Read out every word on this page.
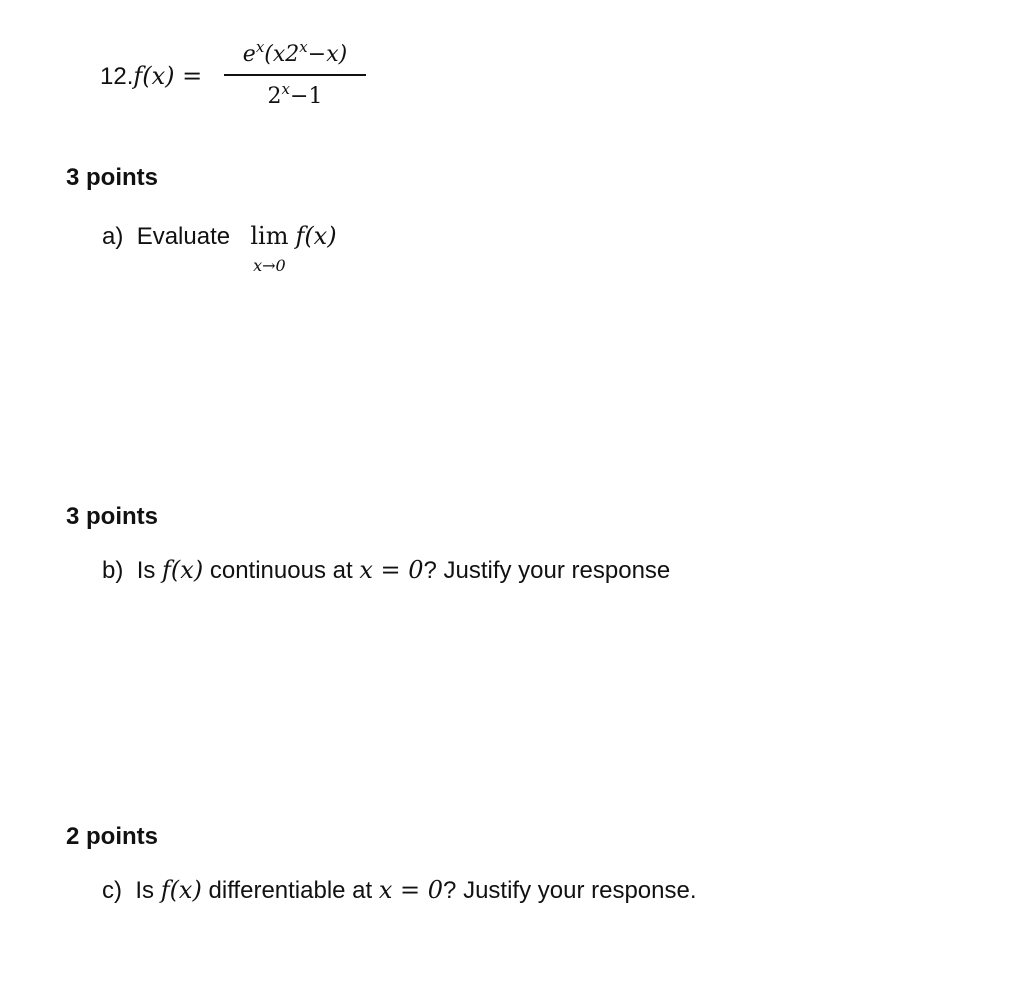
12.f(x) =
$e^x(x2^x-x)$
$2^x-1$
3 points
a) Evaluate lim
x→0
f(x)
3 points
b) Is f(x) continuous at x = 0? Justify your response
2 points
c) Is f(x) differentiable at x = 0? Justify your response.
